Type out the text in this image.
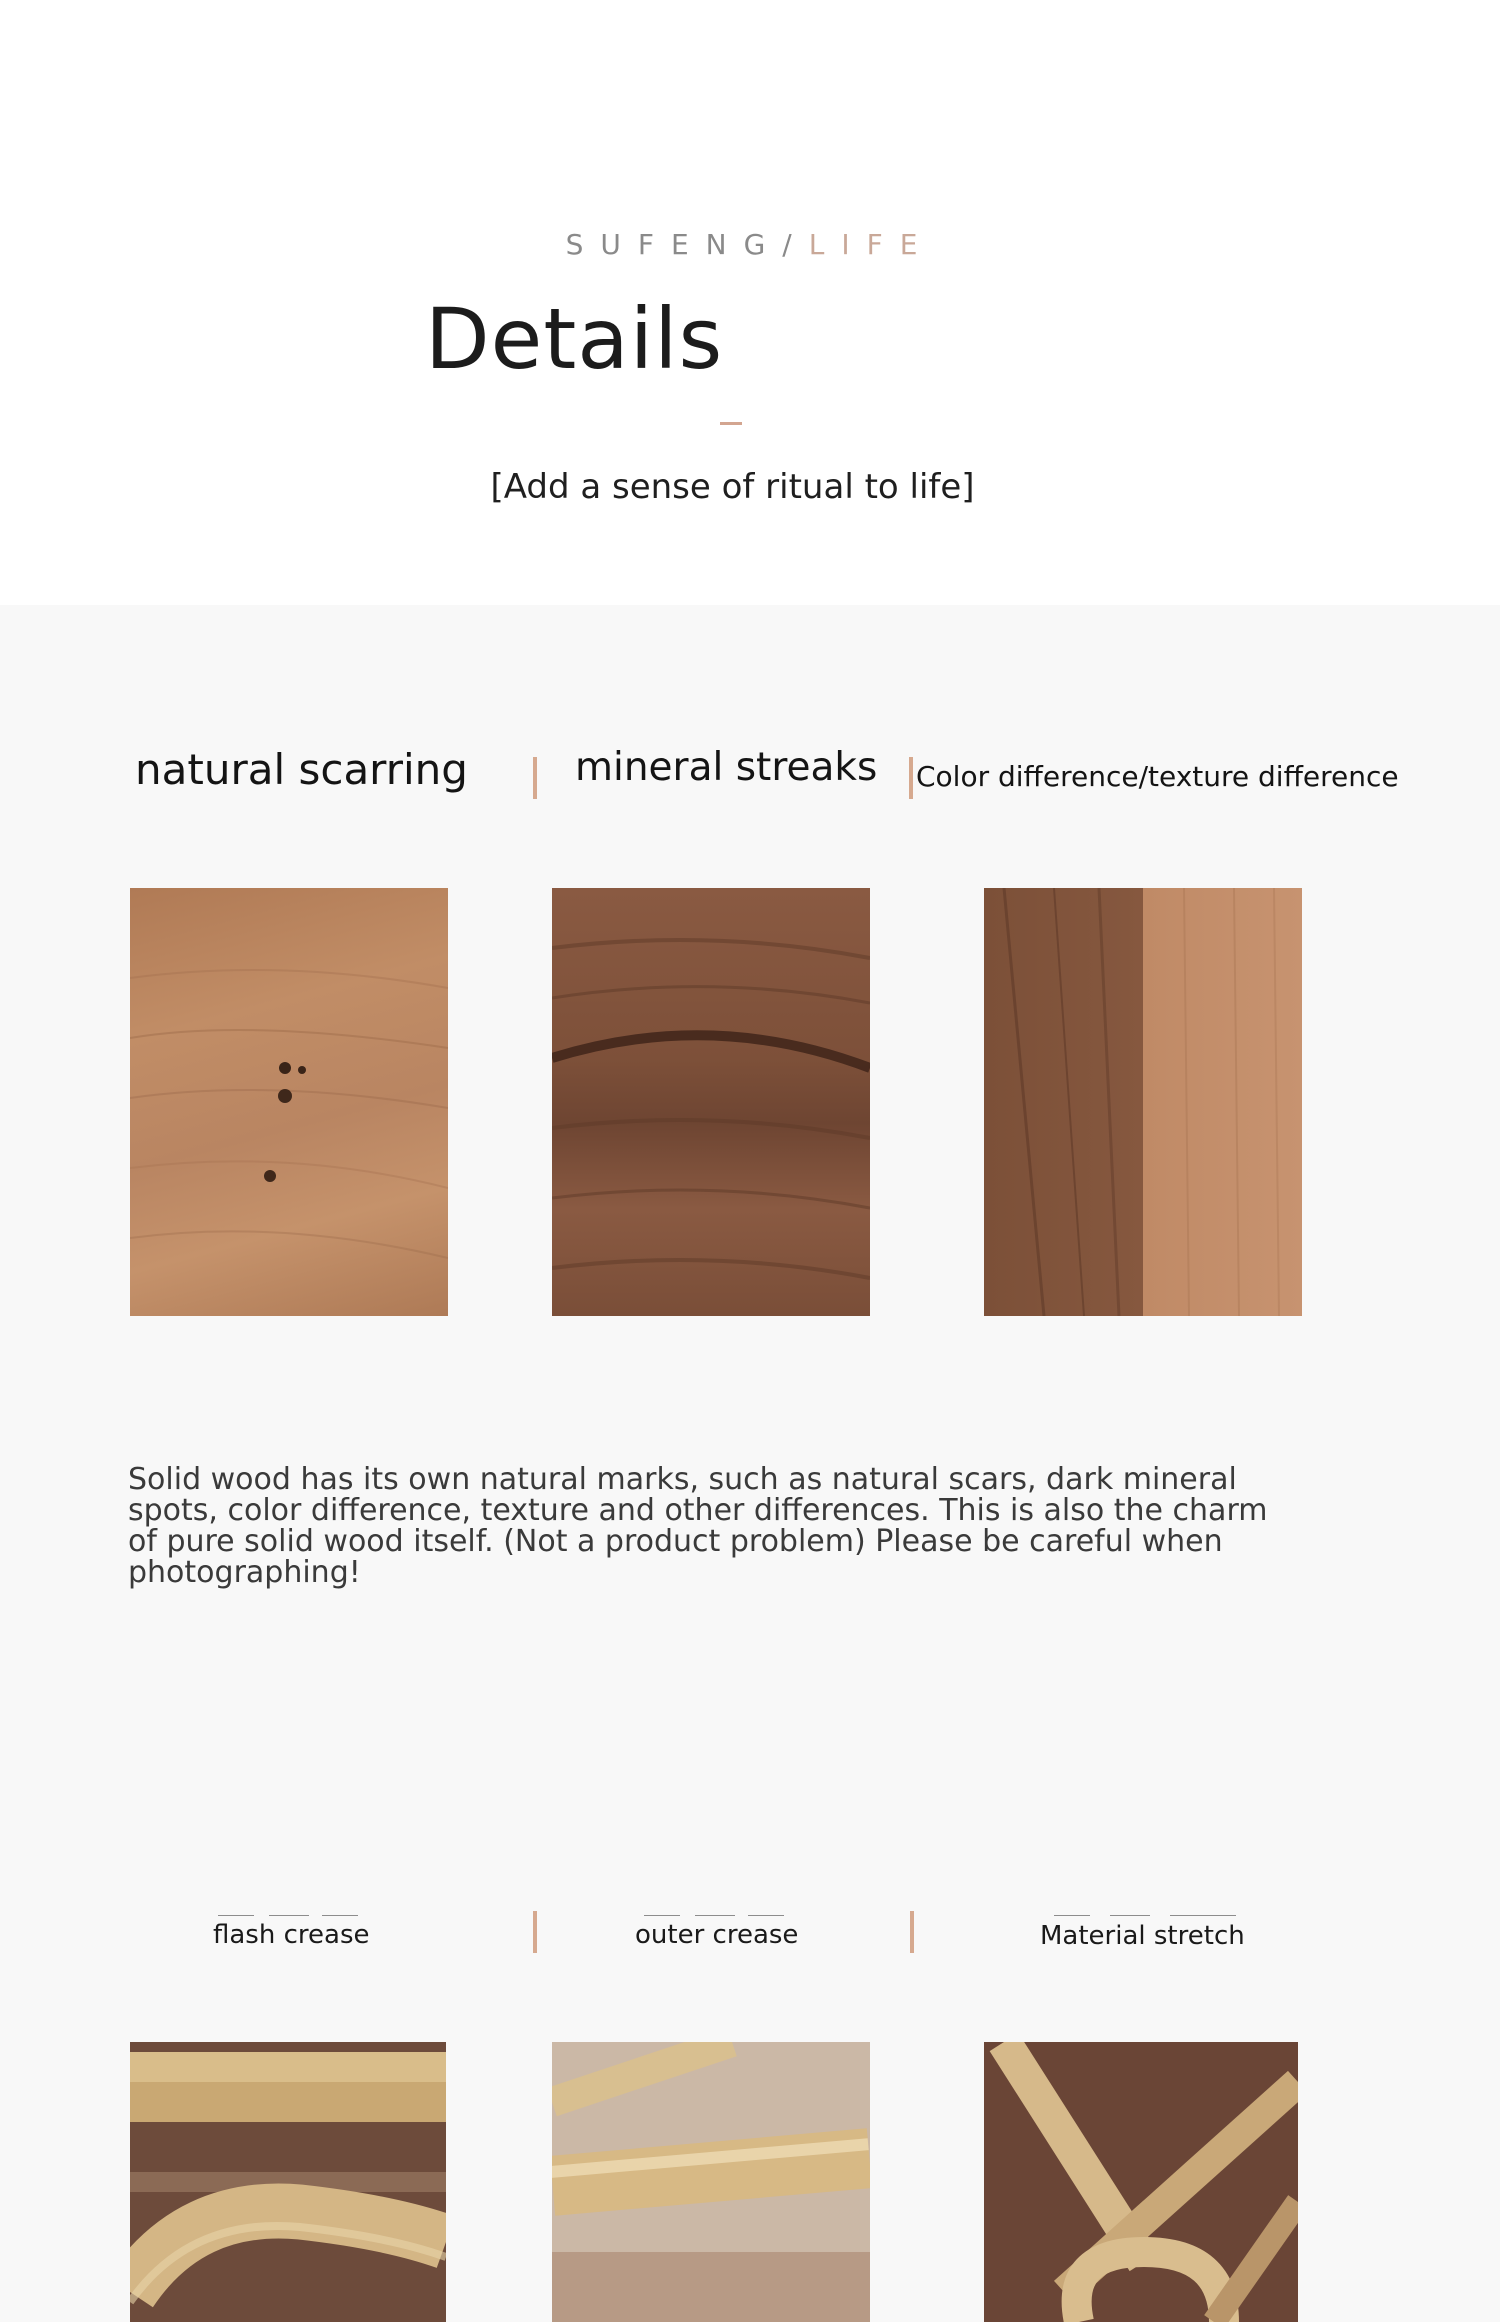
SUFENG/LIFE
Details
[Add a sense of ritual to life]
natural scarring	mineral streaks Color difference/texture difference
Solid wood has its own natural marks, such as natural scars, dark mineral spots, color difference, texture and other differences. This is also the charm of pure solid wood itself. (Not a product problem) Please be careful when photographing!
flash crease	outer crease	Material stretch
